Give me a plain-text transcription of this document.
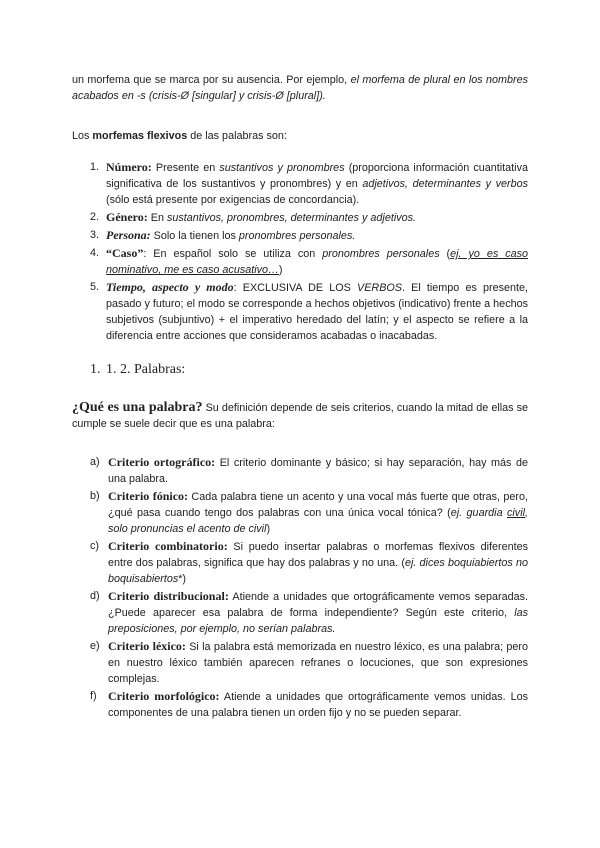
un morfema que se marca por su ausencia. Por ejemplo, el morfema de plural en los nombres acabados en -s (crisis-Ø [singular] y crisis-Ø [plural]).

Los morfemas flexivos de las palabras son:

1. Número: Presente en sustantivos y pronombres (proporciona información cuantitativa significativa de los sustantivos y pronombres) y en adjetivos, determinantes y verbos (sólo está presente por exigencias de concordancia).
2. Género: En sustantivos, pronombres, determinantes y adjetivos.
3. Persona: Solo la tienen los pronombres personales.
4. “Caso”: En español solo se utiliza con pronombres personales (ej. yo es caso nominativo, me es caso acusativo…)
5. Tiempo, aspecto y modo: EXCLUSIVA DE LOS VERBOS. El tiempo es presente, pasado y futuro; el modo se corresponde a hechos objetivos (indicativo) frente a hechos subjetivos (subjuntivo) + el imperativo heredado del latín; y el aspecto se refiere a la diferencia entre acciones que consideramos acabadas o inacabadas.
1. 1. 2. Palabras:

¿Qué es una palabra? Su definición depende de seis criterios, cuando la mitad de ellas se cumple se suele decir que es una palabra:

a) Criterio ortográfico: El criterio dominante y básico; si hay separación, hay más de una palabra.
b) Criterio fónico: Cada palabra tiene un acento y una vocal más fuerte que otras, pero, ¿qué pasa cuando tengo dos palabras con una única vocal tónica? (ej. guardia civil, solo pronuncias el acento de civil)
c) Criterio combinatorio: Si puedo insertar palabras o morfemas flexivos diferentes entre dos palabras, significa que hay dos palabras y no una. (ej. dices boquiabiertos no boquisabiertos*)
d) Criterio distribucional: Atiende a unidades que ortográficamente vemos separadas. ¿Puede aparecer esa palabra de forma independiente? Según este criterio, las preposiciones, por ejemplo, no serían palabras.
e) Criterio léxico: Si la palabra está memorizada en nuestro léxico, es una palabra; pero en nuestro léxico también aparecen refranes o locuciones, que son expresiones complejas.
f) Criterio morfológico: Atiende a unidades que ortográficamente vemos unidas. Los componentes de una palabra tienen un orden fijo y no se pueden separar.
